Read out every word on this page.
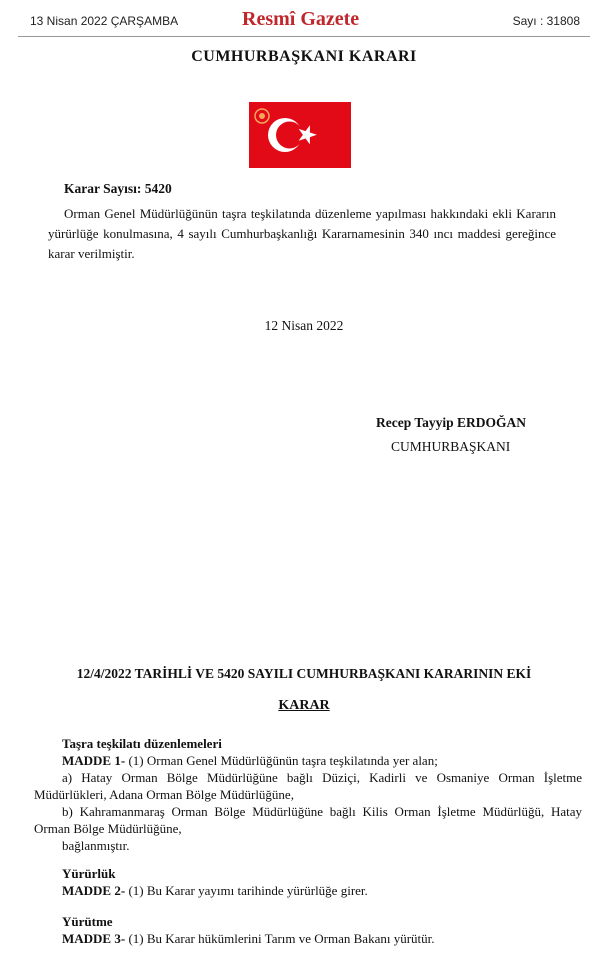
13 Nisan 2022 ÇARŞAMBA	Resmî Gazete	Sayı : 31808
CUMHURBAŞKANI KARARI
Karar Sayısı: 5420
Orman Genel Müdürlüğünün taşra teşkilatında düzenleme yapılması hakkındaki ekli Kararın yürürlüğe konulmasına, 4 sayılı Cumhurbaşkanlığı Kararnamesinin 340 ıncı maddesi gereğince karar verilmiştir.
12 Nisan 2022
Recep Tayyip ERDOĞAN
CUMHURBAŞKANI
12/4/2022 TARİHLİ VE 5420 SAYILI CUMHURBAŞKANI KARARININ EKİ
KARAR
Taşra teşkilatı düzenlemeleri
MADDE 1- (1) Orman Genel Müdürlüğünün taşra teşkilatında yer alan;
a) Hatay Orman Bölge Müdürlüğüne bağlı Düziçi, Kadirli ve Osmaniye Orman İşletme Müdürlükleri, Adana Orman Bölge Müdürlüğüne,
b) Kahramanmaraş Orman Bölge Müdürlüğüne bağlı Kilis Orman İşletme Müdürlüğü, Hatay Orman Bölge Müdürlüğüne,
bağlanmıştır.
Yürürlük
MADDE 2- (1) Bu Karar yayımı tarihinde yürürlüğe girer.
Yürütme
MADDE 3- (1) Bu Karar hükümlerini Tarım ve Orman Bakanı yürütür.
